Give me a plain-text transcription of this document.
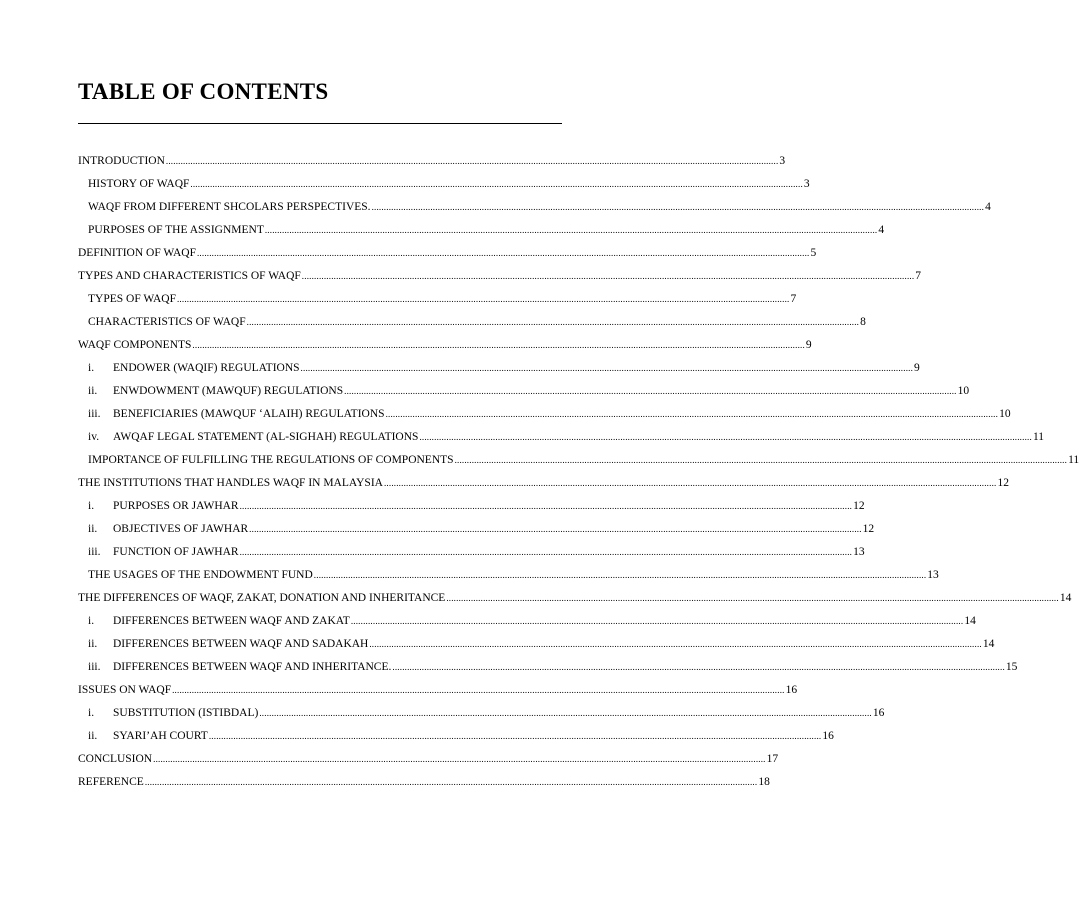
TABLE OF CONTENTS
INTRODUCTION .....	3
HISTORY OF WAQF .....	3
WAQF FROM DIFFERENT SHCOLARS PERSPECTIVES. .....	4
PURPOSES OF THE ASSIGNMENT .....	4
DEFINITION OF WAQF .....	5
TYPES AND CHARACTERISTICS OF WAQF .....	7
TYPES OF WAQF .....	7
CHARACTERISTICS OF WAQF .....	8
WAQF COMPONENTS .....	9
i.	ENDOWER (WAQIF) REGULATIONS .....	9
ii.	ENWDOWMENT (MAWQUF) REGULATIONS .....	10
iii.	BENEFICIARIES (MAWQUF ‘ALAIH) REGULATIONS .....	10
iv.	AWQAF LEGAL STATEMENT (AL-SIGHAH) REGULATIONS .....	11
IMPORTANCE OF FULFILLING THE REGULATIONS OF COMPONENTS .....	11
THE INSTITUTIONS THAT HANDLES WAQF IN MALAYSIA .....	12
i.	PURPOSES OR JAWHAR .....	12
ii.	OBJECTIVES OF JAWHAR .....	12
iii.	FUNCTION OF JAWHAR .....	13
THE USAGES OF THE ENDOWMENT FUND .....	13
THE DIFFERENCES OF WAQF, ZAKAT, DONATION AND INHERITANCE .....	14
i.	DIFFERENCES BETWEEN WAQF AND ZAKAT .....	14
ii.	DIFFERENCES BETWEEN WAQF AND SADAKAH .....	14
iii.	DIFFERENCES BETWEEN WAQF AND INHERITANCE. .....	15
ISSUES ON WAQF .....	16
i.	SUBSTITUTION (ISTIBDAL) .....	16
ii.	SYARI’AH COURT .....	16
CONCLUSION .....	17
REFERENCE .....	18
